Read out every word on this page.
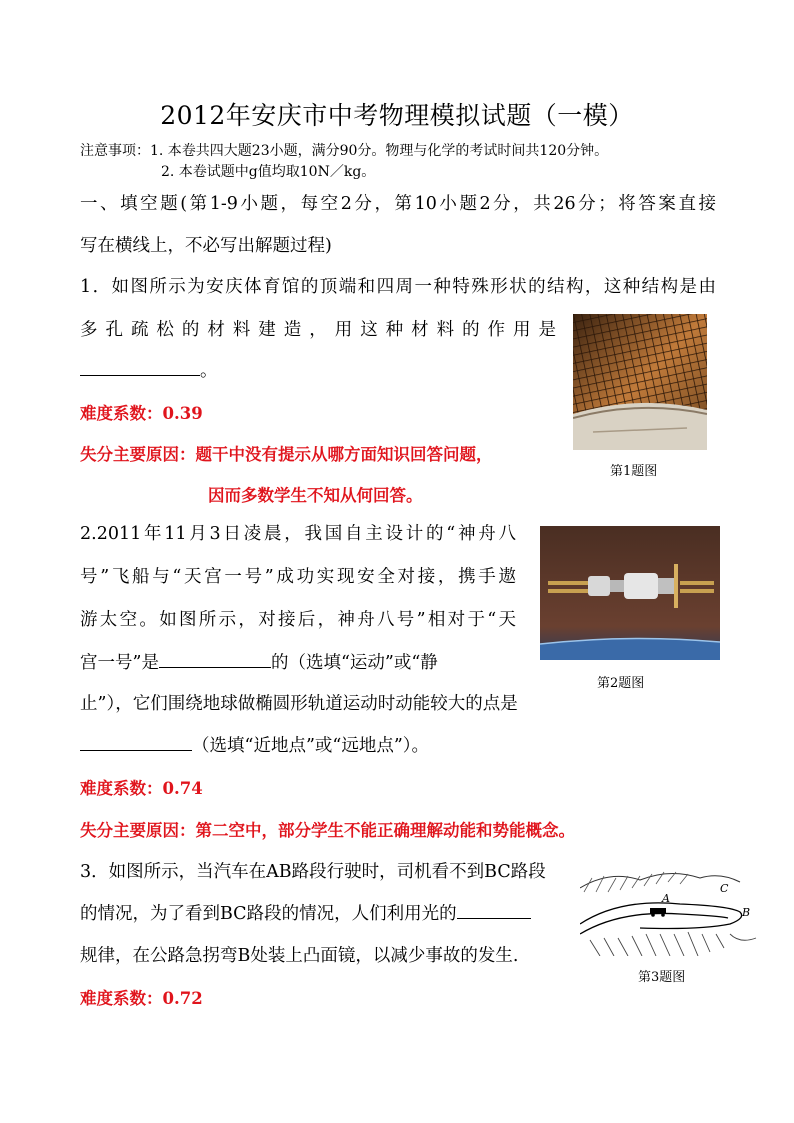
2012年安庆市中考物理模拟试题（一模）
注意事项：1. 本卷共四大题23小题，满分90分。物理与化学的考试时间共120分钟。
2. 本卷试题中g值均取10N／kg。
一、填空题(第1-9小题，每空2分，第10小题2分，共26分；将答案直接
写在横线上，不必写出解题过程)
1．如图所示为安庆体育馆的顶端和四周一种特殊形状的结构，这种结构是由
多孔疏松的材料建造，用这种材料的作用是
。
难度系数：0.39
失分主要原因：题干中没有提示从哪方面知识回答问题，
因而多数学生不知从何回答。
第1题图
2.2011年11月3日凌晨，我国自主设计的“神舟八
号”飞船与“天宫一号”成功实现安全对接，携手遨
游太空。如图所示，对接后，神舟八号”相对于“天
宫一号”是	的（选填“运动”或“静
止”），它们围绕地球做椭圆形轨道运动时动能较大的点是
（选填“近地点”或“远地点”）。
难度系数：0.74
失分主要原因：第二空中，部分学生不能正确理解动能和势能概念。
第2题图
3．如图所示，当汽车在AB路段行驶时，司机看不到BC路段
的情况，为了看到BC路段的情况，人们利用光的
规律，在公路急拐弯B处装上凸面镜，以减少事故的发生.
难度系数：0.72
A
B
C
第3题图
